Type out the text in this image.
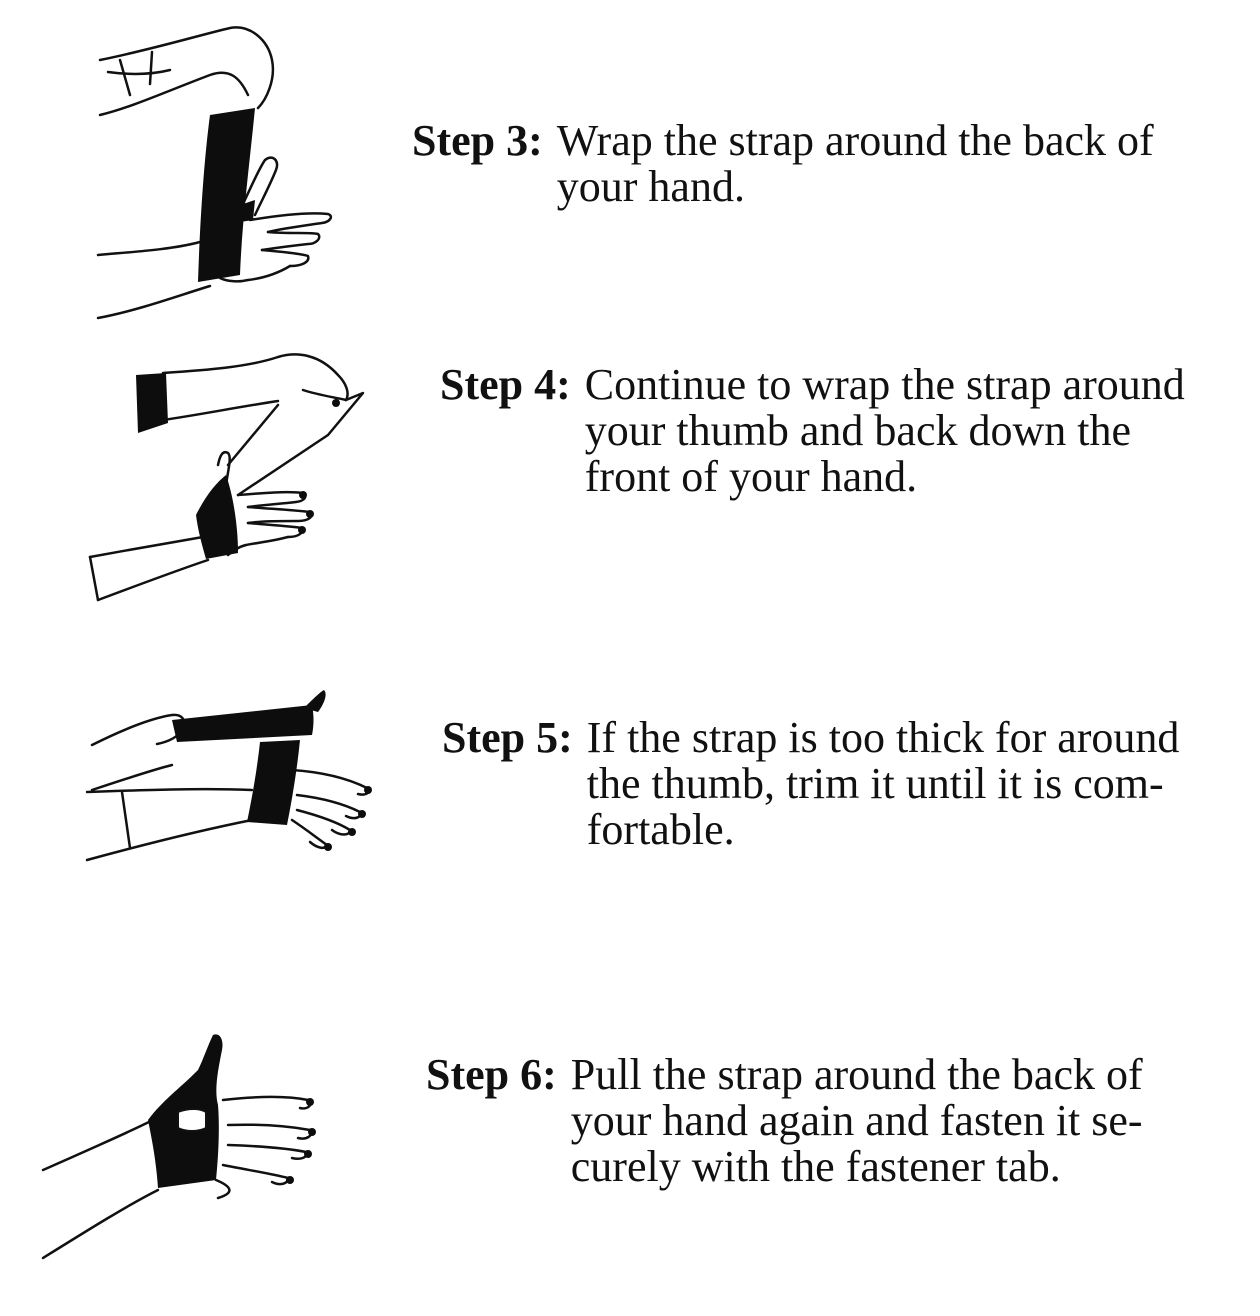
Step 3: Wrap the strap around the back of
your hand.
Step 4: Continue to wrap the strap around
your thumb and back down the
front of your hand.
Step 5: If the strap is too thick for around
the thumb, trim it until it is com-
fortable.
Step 6: Pull the strap around the back of
your hand again and fasten it se-
curely with the fastener tab.
